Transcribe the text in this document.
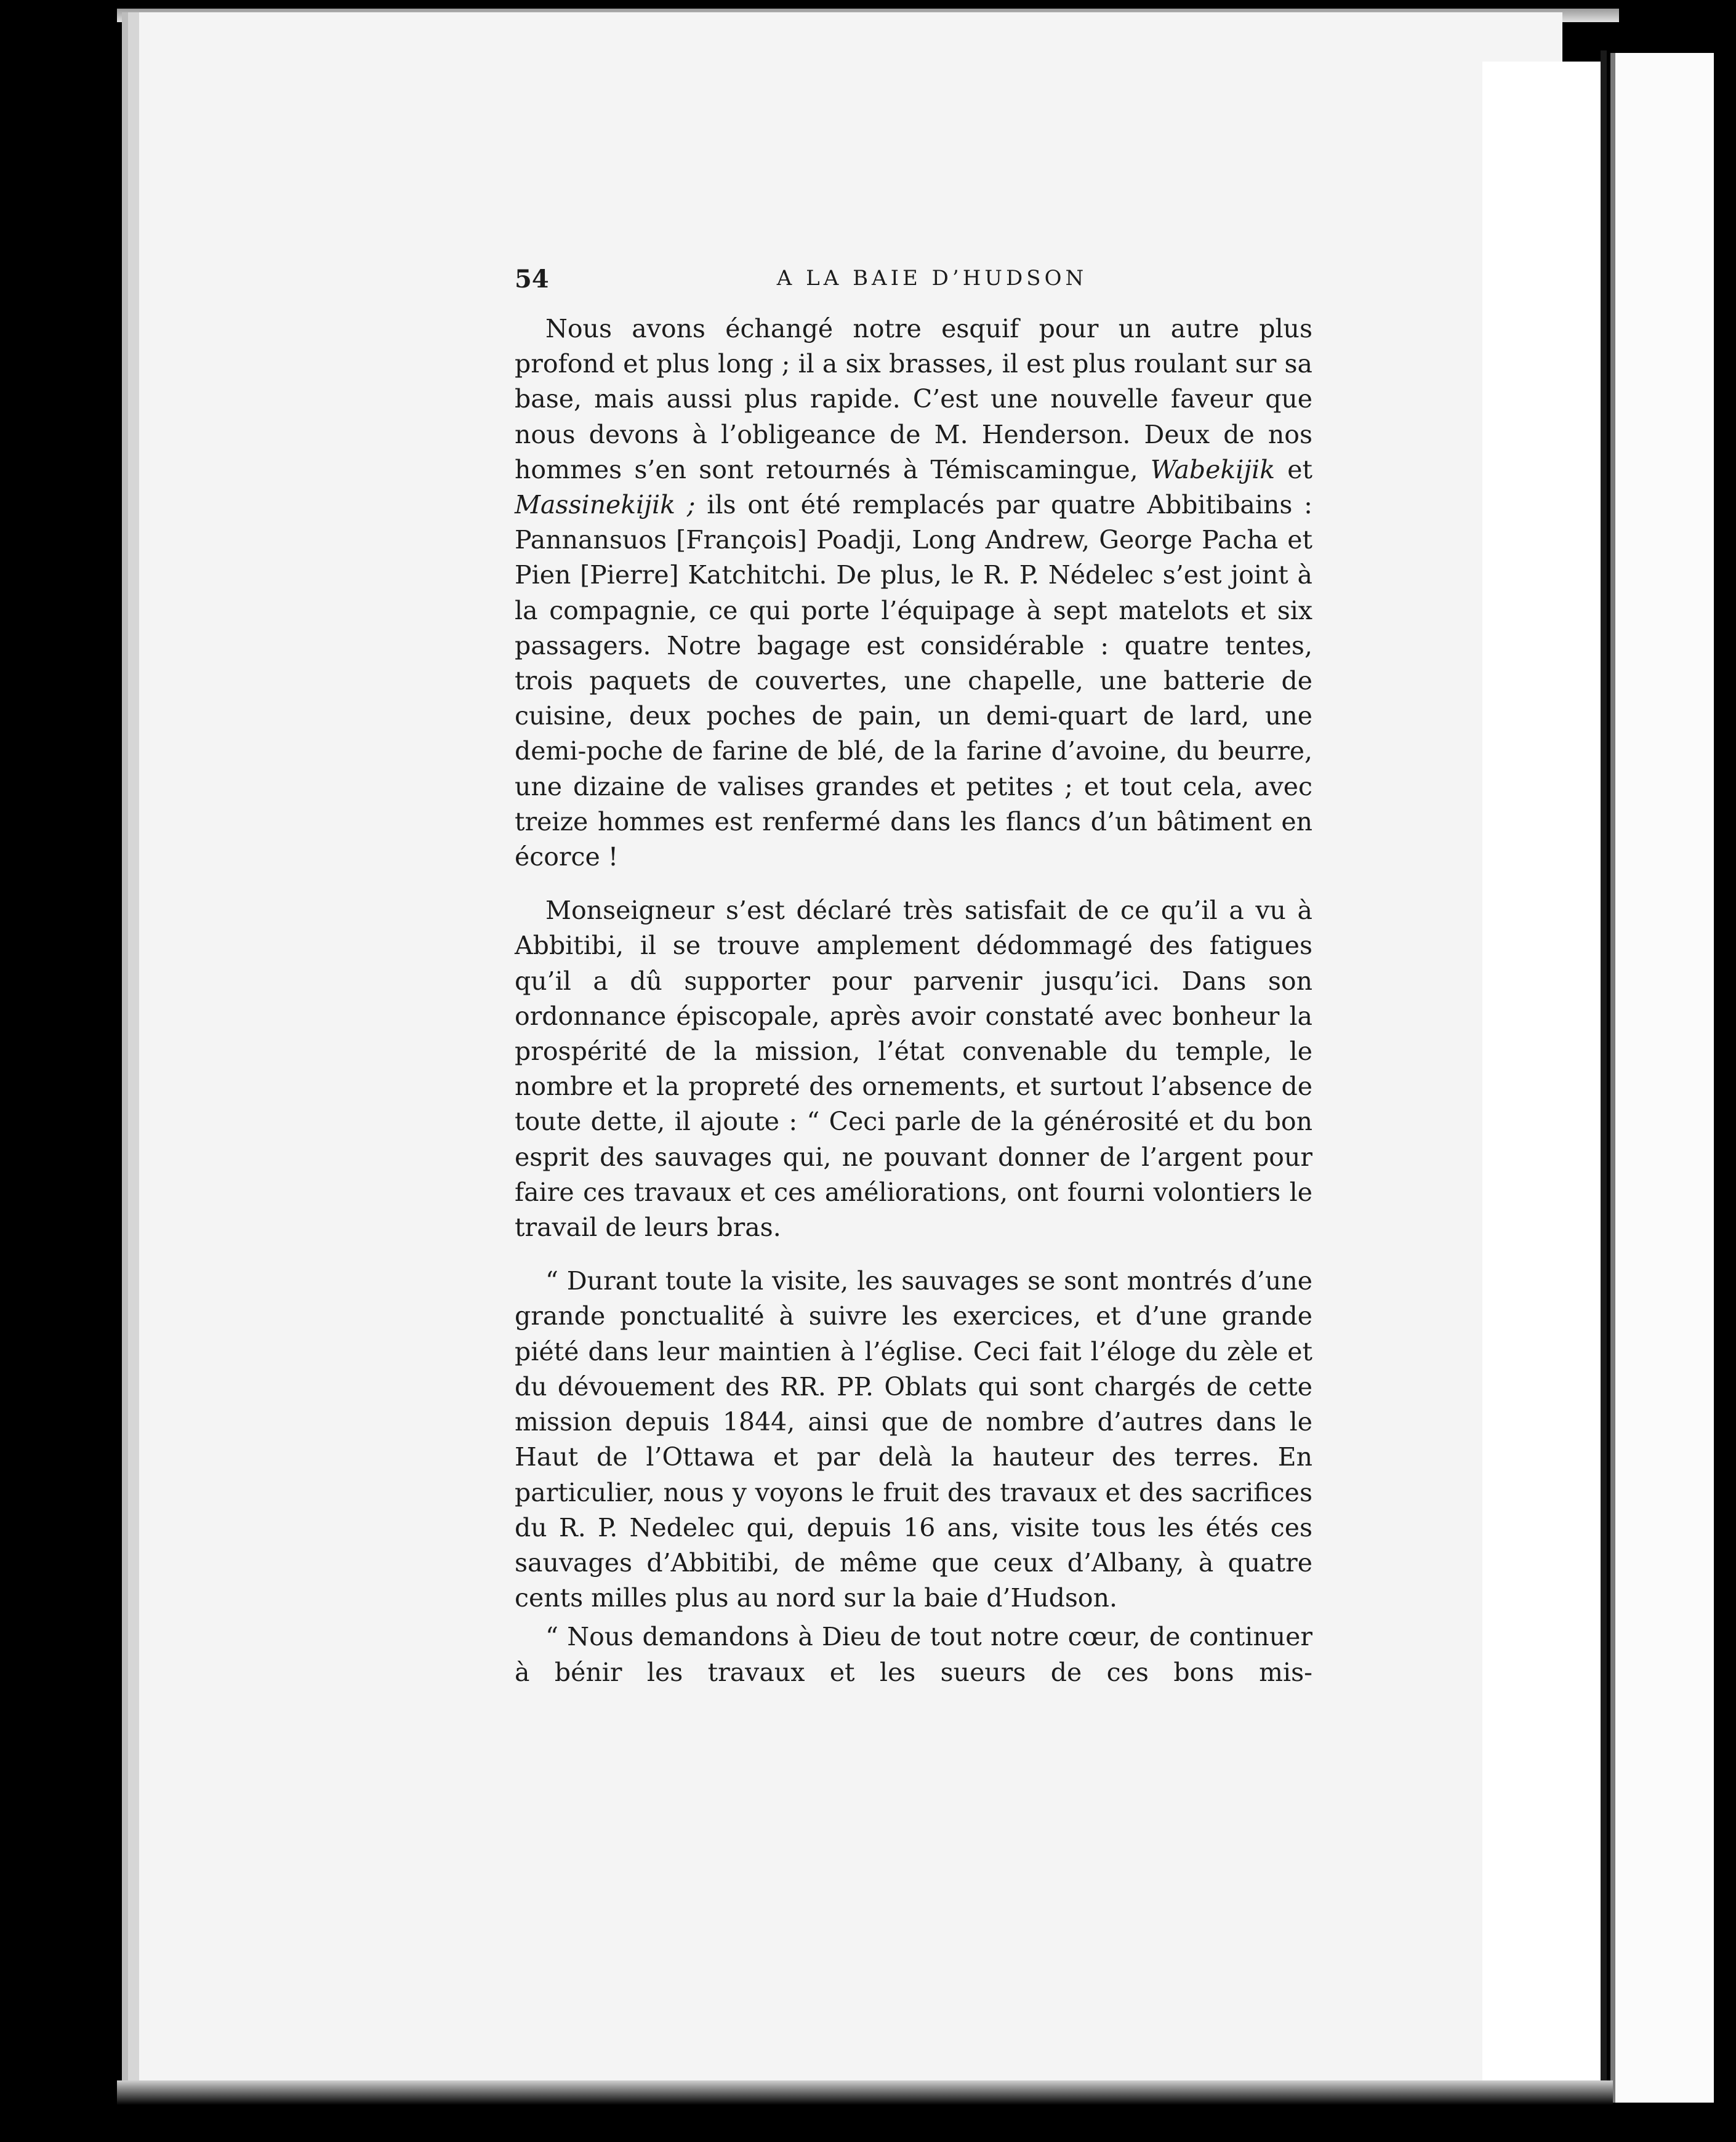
54	A LA BAIE D’HUDSON

Nous avons échangé notre esquif pour un autre plus profond et plus long ; il a six brasses, il est plus roulant sur sa base, mais aussi plus rapide. C’est une nouvelle faveur que nous devons à l’obligeance de M. Henderson. Deux de nos hommes s’en sont retournés à Témiscamingue, Wabekijik et Massinekijik ; ils ont été remplacés par quatre Abbitibains : Pannansuos [François] Poadji, Long Andrew, George Pacha et Pien [Pierre] Katchitchi. De plus, le R. P. Nédelec s’est joint à la compagnie, ce qui porte l’équipage à sept matelots et six passagers. Notre bagage est considérable : quatre tentes, trois paquets de couvertes, une chapelle, une batterie de cuisine, deux poches de pain, un demi-quart de lard, une demi-poche de farine de blé, de la farine d’avoine, du beurre, une dizaine de valises grandes et petites ; et tout cela, avec treize hommes est renfermé dans les flancs d’un bâtiment en écorce !

Monseigneur s’est déclaré très satisfait de ce qu’il a vu à Abbitibi, il se trouve amplement dédommagé des fatigues qu’il a dû supporter pour parvenir jusqu’ici. Dans son ordonnance épiscopale, après avoir constaté avec bonheur la prospérité de la mission, l’état convenable du temple, le nombre et la propreté des ornements, et surtout l’absence de toute dette, il ajoute : “ Ceci parle de la générosité et du bon esprit des sauvages qui, ne pouvant donner de l’argent pour faire ces travaux et ces améliorations, ont fourni volontiers le travail de leurs bras.

“ Durant toute la visite, les sauvages se sont montrés d’une grande ponctualité à suivre les exercices, et d’une grande piété dans leur maintien à l’église. Ceci fait l’éloge du zèle et du dévouement des RR. PP. Oblats qui sont chargés de cette mission depuis 1844, ainsi que de nombre d’autres dans le Haut de l’Ottawa et par delà la hauteur des terres. En particulier, nous y voyons le fruit des travaux et des sacrifices du R. P. Nedelec qui, depuis 16 ans, visite tous les étés ces sauvages d’Abbitibi, de même que ceux d’Albany, à quatre cents milles plus au nord sur la baie d’Hudson.

“ Nous demandons à Dieu de tout notre cœur, de continuer à bénir les travaux et les sueurs de ces bons mis-
